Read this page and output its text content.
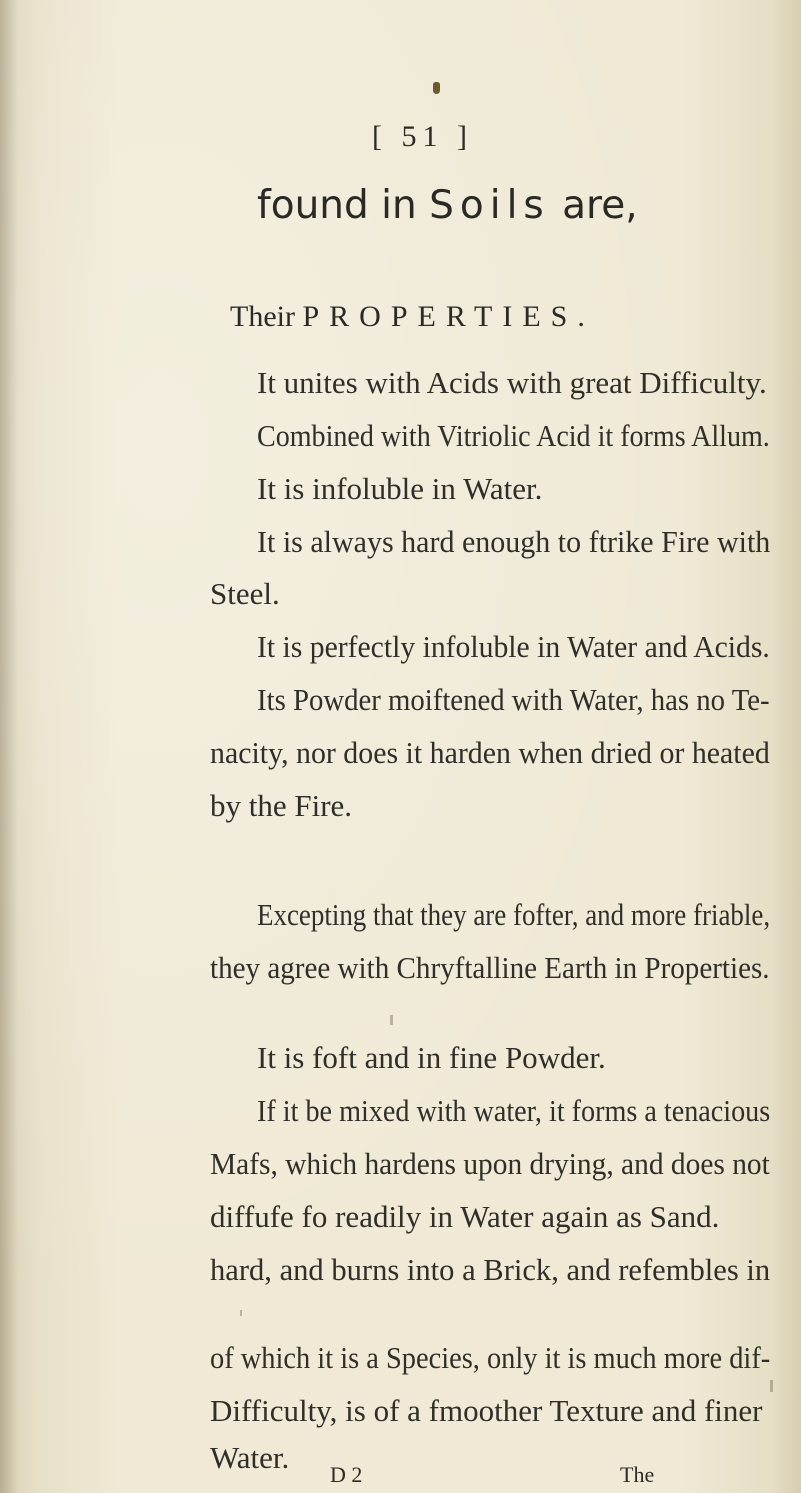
[ 51 ]
found in Soils are,
Their PROPERTIES.
It unites with Acids with great Difficulty.
Combined with Vitriolic Acid it forms Allum.
It is infoluble in Water.
It is always hard enough to ftrike Fire with
Steel.
It is perfectly infoluble in Water and Acids.
Its Powder moiftened with Water, has no Te-
nacity, nor does it harden when dried or heated
by the Fire.
Excepting that they are fofter, and more friable,
they agree with Chryftalline Earth in Properties.
It is foft and in fine Powder.
If it be mixed with water, it forms a tenacious
Mafs, which hardens upon drying, and does not
diffufe fo readily in Water again as Sand.
hard, and burns into a Brick, and refembles in
of which it is a Species, only it is much more dif-
Difficulty, is of a fmoother Texture and finer
Water. D 2	The
